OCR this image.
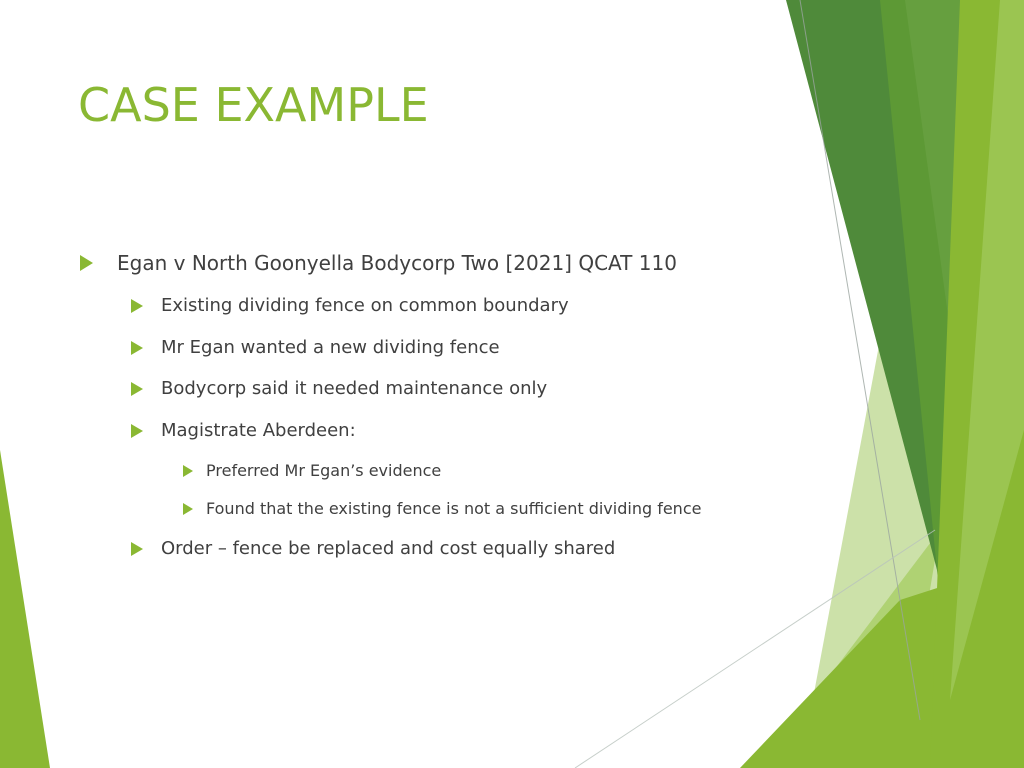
CASE EXAMPLE
Egan v North Goonyella Bodycorp Two [2021] QCAT 110
Existing dividing fence on common boundary
Mr Egan wanted a new dividing fence
Bodycorp said it needed maintenance only
Magistrate Aberdeen:
Preferred Mr Egan’s evidence
Found that the existing fence is not a sufficient dividing fence
Order – fence be replaced and cost equally shared
